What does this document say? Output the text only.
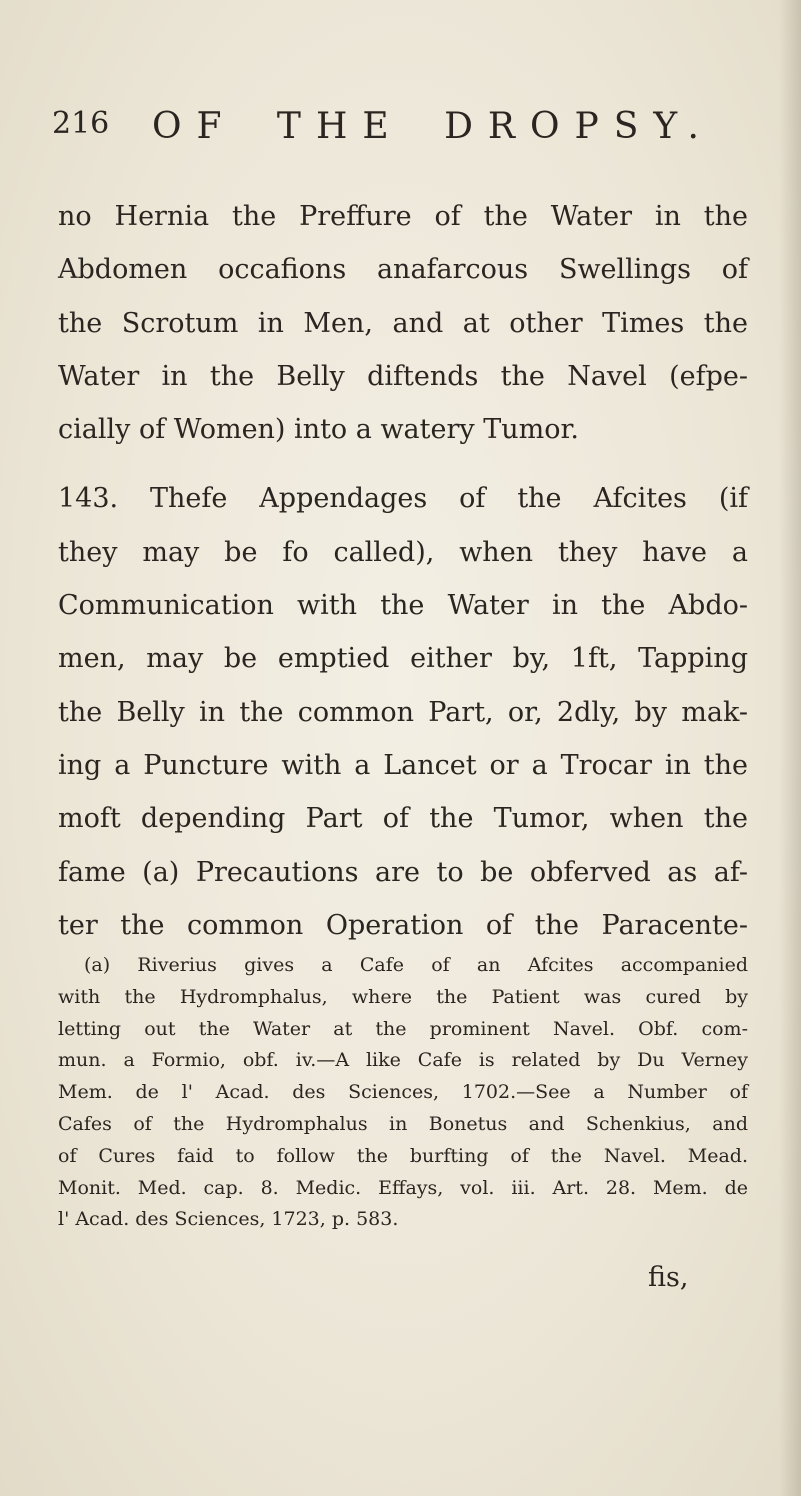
216 OF THE DROPSY.
no Hernia the Preffure of the Water in the
Abdomen occafions anafarcous Swellings of
the Scrotum in Men, and at other Times the
Water in the Belly diftends the Navel (efpe-
cially of Women) into a watery Tumor.
143. Thefe Appendages of the Afcites (if
they may be fo called), when they have a
Communication with the Water in the Abdo-
men, may be emptied either by, 1ft, Tapping
the Belly in the common Part, or, 2dly, by mak-
ing a Puncture with a Lancet or a Trocar in the
moft depending Part of the Tumor, when the
fame (a) Precautions are to be obferved as af-
ter the common Operation of the Paracente-
(a) Riverius gives a Cafe of an Afcites accompanied
with the Hydromphalus, where the Patient was cured by
letting out the Water at the prominent Navel. Obf. com-
mun. a Formio, obf. iv.—A like Cafe is related by Du Verney
Mem. de l' Acad. des Sciences, 1702.—See a Number of
Cafes of the Hydromphalus in Bonetus and Schenkius, and
of Cures faid to follow the burfting of the Navel. Mead.
Monit. Med. cap. 8. Medic. Effays, vol. iii. Art. 28. Mem. de
l' Acad. des Sciences, 1723, p. 583.
fis,
